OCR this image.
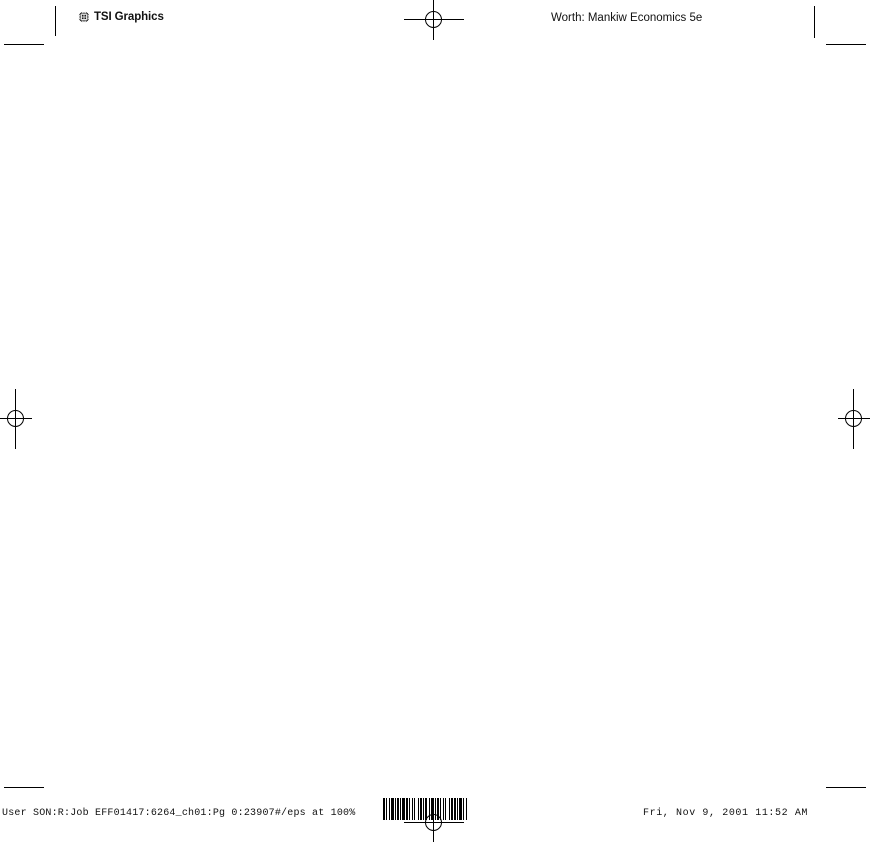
TSI Graphics	Worth: Mankiw Economics 5e
User SON:R:Job EFF01417:6264_ch01:Pg 0:23907#/eps at 100%	Fri, Nov 9, 2001 11:52 AM
